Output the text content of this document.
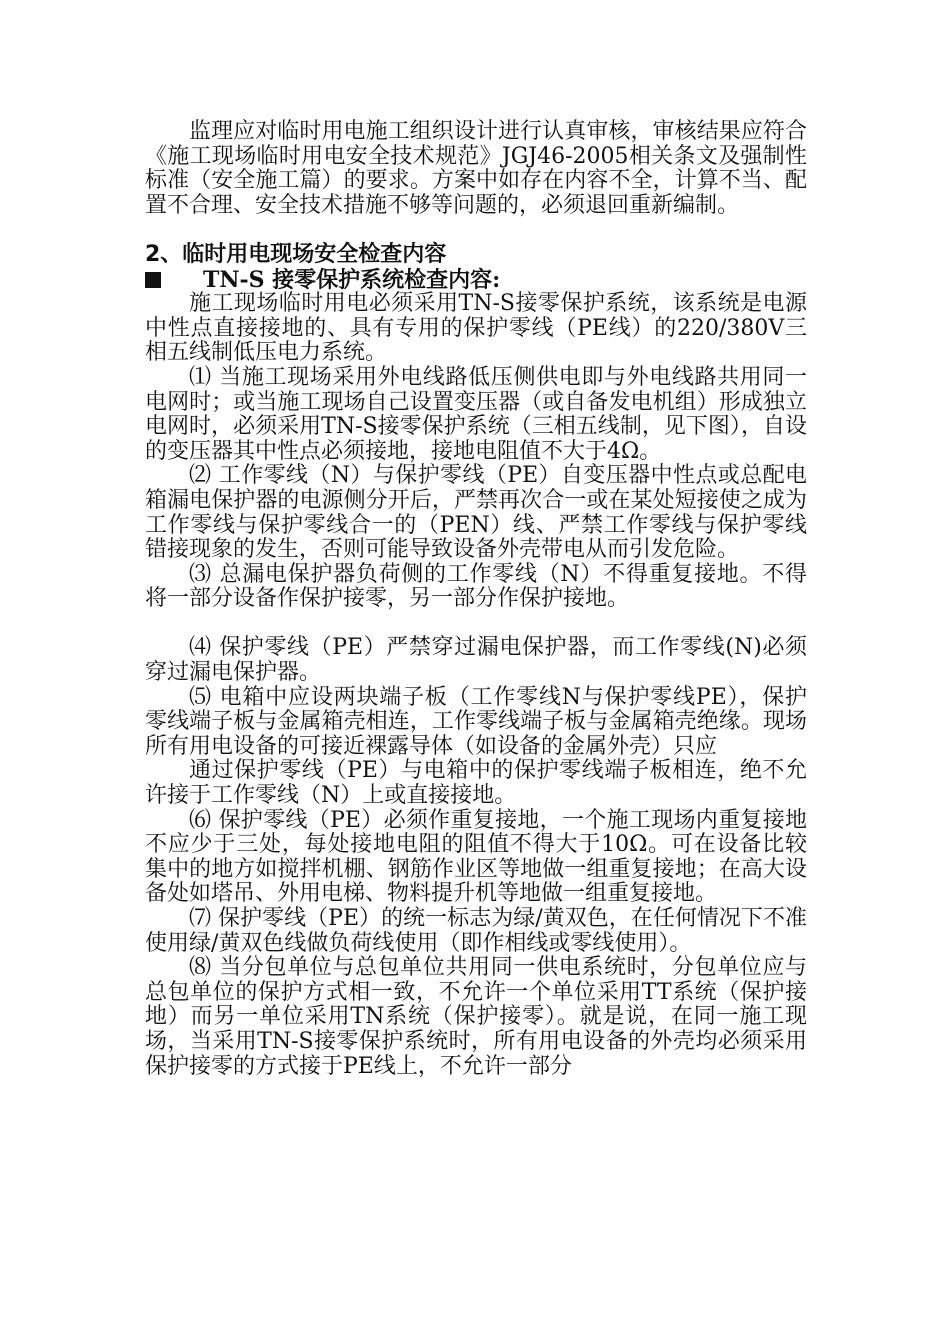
监理应对临时用电施工组织设计进行认真审核，审核结果应符合《施工现场临时用电安全技术规范》JGJ46-2005相关条文及强制性标准（安全施工篇）的要求。方案中如存在内容不全，计算不当、配置不合理、安全技术措施不够等问题的，必须退回重新编制。

2、临时用电现场安全检查内容

TN-S 接零保护系统检查内容:

施工现场临时用电必须采用TN-S接零保护系统，该系统是电源中性点直接接地的、具有专用的保护零线（PE线）的220/380V三相五线制低压电力系统。

⑴ 当施工现场采用外电线路低压侧供电即与外电线路共用同一电网时；或当施工现场自己设置变压器（或自备发电机组）形成独立电网时，必须采用TN-S接零保护系统（三相五线制，见下图），自设的变压器其中性点必须接地，接地电阻值不大于4Ω。

⑵ 工作零线（N）与保护零线（PE）自变压器中性点或总配电箱漏电保护器的电源侧分开后，严禁再次合一或在某处短接使之成为工作零线与保护零线合一的（PEN）线、严禁工作零线与保护零线错接现象的发生，否则可能导致设备外壳带电从而引发危险。

⑶ 总漏电保护器负荷侧的工作零线（N）不得重复接地。不得将一部分设备作保护接零，另一部分作保护接地。

⑷ 保护零线（PE）严禁穿过漏电保护器，而工作零线(N)必须穿过漏电保护器。

⑸ 电箱中应设两块端子板（工作零线N与保护零线PE），保护零线端子板与金属箱壳相连，工作零线端子板与金属箱壳绝缘。现场所有用电设备的可接近裸露导体（如设备的金属外壳）只应

通过保护零线（PE）与电箱中的保护零线端子板相连，绝不允许接于工作零线（N）上或直接接地。

⑹ 保护零线（PE）必须作重复接地，一个施工现场内重复接地不应少于三处，每处接地电阻的阻值不得大于10Ω。可在设备比较集中的地方如搅拌机棚、钢筋作业区等地做一组重复接地；在高大设备处如塔吊、外用电梯、物料提升机等地做一组重复接地。

⑺ 保护零线（PE）的统一标志为绿/黄双色，在任何情况下不准使用绿/黄双色线做负荷线使用（即作相线或零线使用）。

⑻ 当分包单位与总包单位共用同一供电系统时，分包单位应与总包单位的保护方式相一致，不允许一个单位采用TT系统（保护接地）而另一单位采用TN系统（保护接零）。就是说，在同一施工现场，当采用TN-S接零保护系统时，所有用电设备的外壳均必须采用保护接零的方式接于PE线上，不允许一部分
